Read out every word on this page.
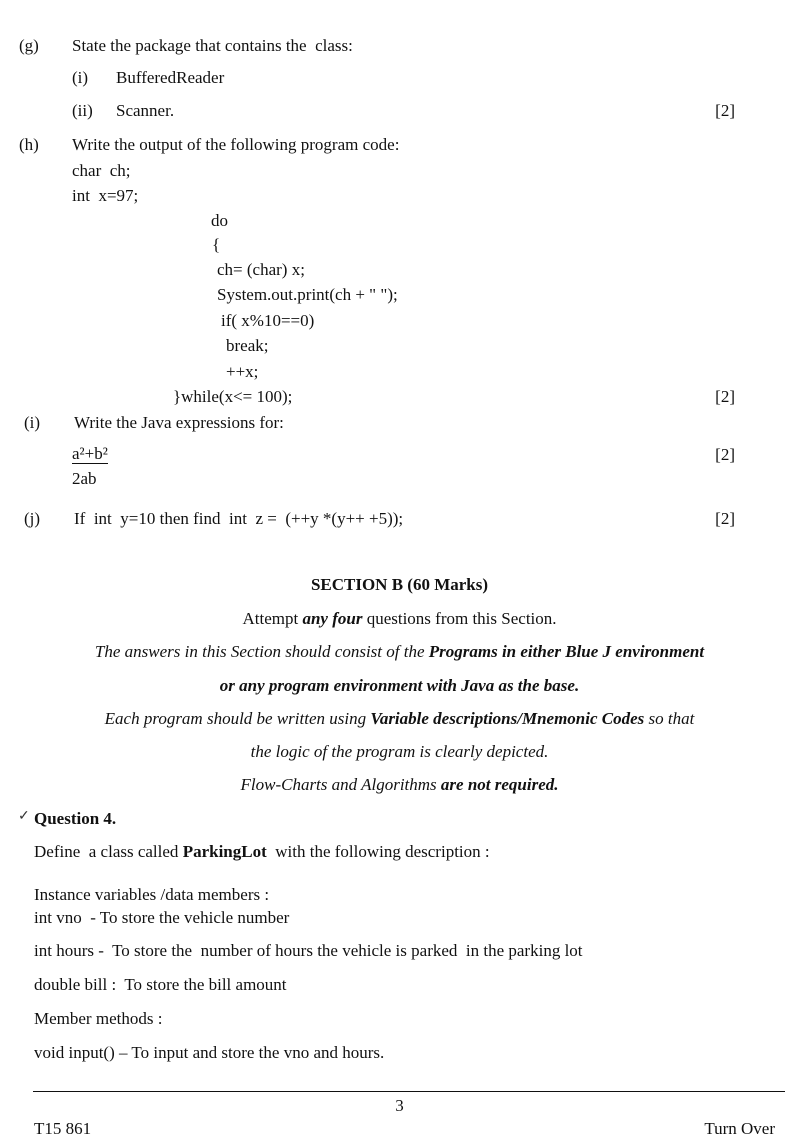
(g) State the package that contains the  class:
(i) BufferedReader
(ii) Scanner.	[2]
(h) Write the output of the following program code:
char  ch;
int  x=97;
do
{
ch= (char) x;
System.out.print(ch + " ");
if( x%10==0)
break;
++x;
}while(x<= 100);	[2]
(i) Write the Java expressions for:
a²+b²
2ab
[2]
(j) If  int  y=10 then find  int  z =  (++y *(y++ +5));	[2]
SECTION B (60 Marks)
Attempt any four questions from this Section.
The answers in this Section should consist of the Programs in either Blue J environment
or any program environment with Java as the base.
Each program should be written using Variable descriptions/Mnemonic Codes so that
the logic of the program is clearly depicted.
Flow-Charts and Algorithms are not required.
✓ Question 4.
Define  a class called ParkingLot  with the following description :
Instance variables /data members :
int vno  - To store the vehicle number
int hours -  To store the  number of hours the vehicle is parked  in the parking lot
double bill :  To store the bill amount
Member methods :
void input() – To input and store the vno and hours.
3
T15 861	Turn Over
